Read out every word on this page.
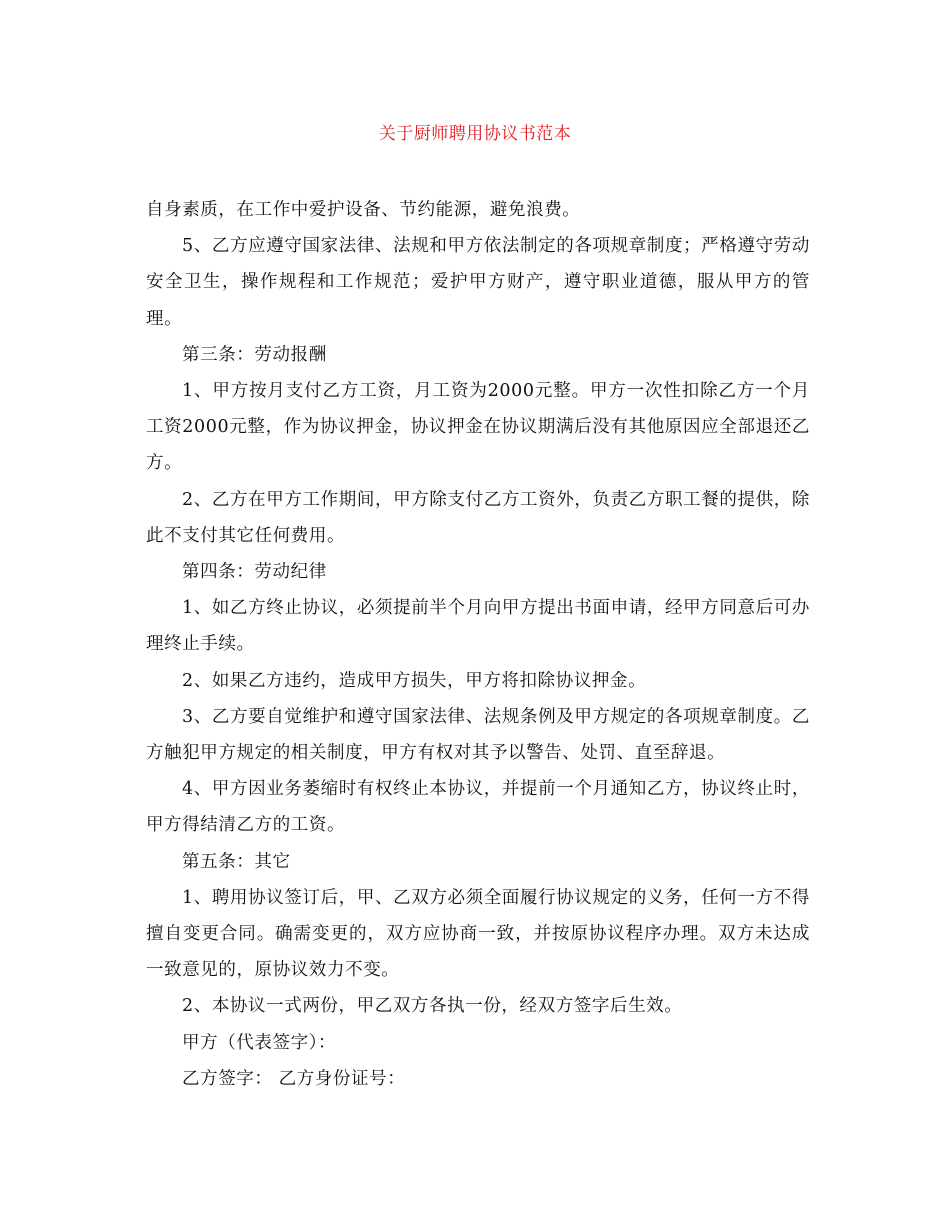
关于厨师聘用协议书范本

自身素质，在工作中爱护设备、节约能源，避免浪费。

5、乙方应遵守国家法律、法规和甲方依法制定的各项规章制度；严格遵守劳动安全卫生，操作规程和工作规范；爱护甲方财产，遵守职业道德，服从甲方的管理。

第三条：劳动报酬

1、甲方按月支付乙方工资，月工资为2000元整。甲方一次性扣除乙方一个月工资2000元整，作为协议押金，协议押金在协议期满后没有其他原因应全部退还乙方。

2、乙方在甲方工作期间，甲方除支付乙方工资外，负责乙方职工餐的提供，除此不支付其它任何费用。

第四条：劳动纪律

1、如乙方终止协议，必须提前半个月向甲方提出书面申请，经甲方同意后可办理终止手续。

2、如果乙方违约，造成甲方损失，甲方将扣除协议押金。

3、乙方要自觉维护和遵守国家法律、法规条例及甲方规定的各项规章制度。乙方触犯甲方规定的相关制度，甲方有权对其予以警告、处罚、直至辞退。

4、甲方因业务萎缩时有权终止本协议，并提前一个月通知乙方，协议终止时，甲方得结清乙方的工资。

第五条：其它

1、聘用协议签订后，甲、乙双方必须全面履行协议规定的义务，任何一方不得擅自变更合同。确需变更的，双方应协商一致，并按原协议程序办理。双方未达成一致意见的，原协议效力不变。

2、本协议一式两份，甲乙双方各执一份，经双方签字后生效。

甲方（代表签字）：

乙方签字： 乙方身份证号：
